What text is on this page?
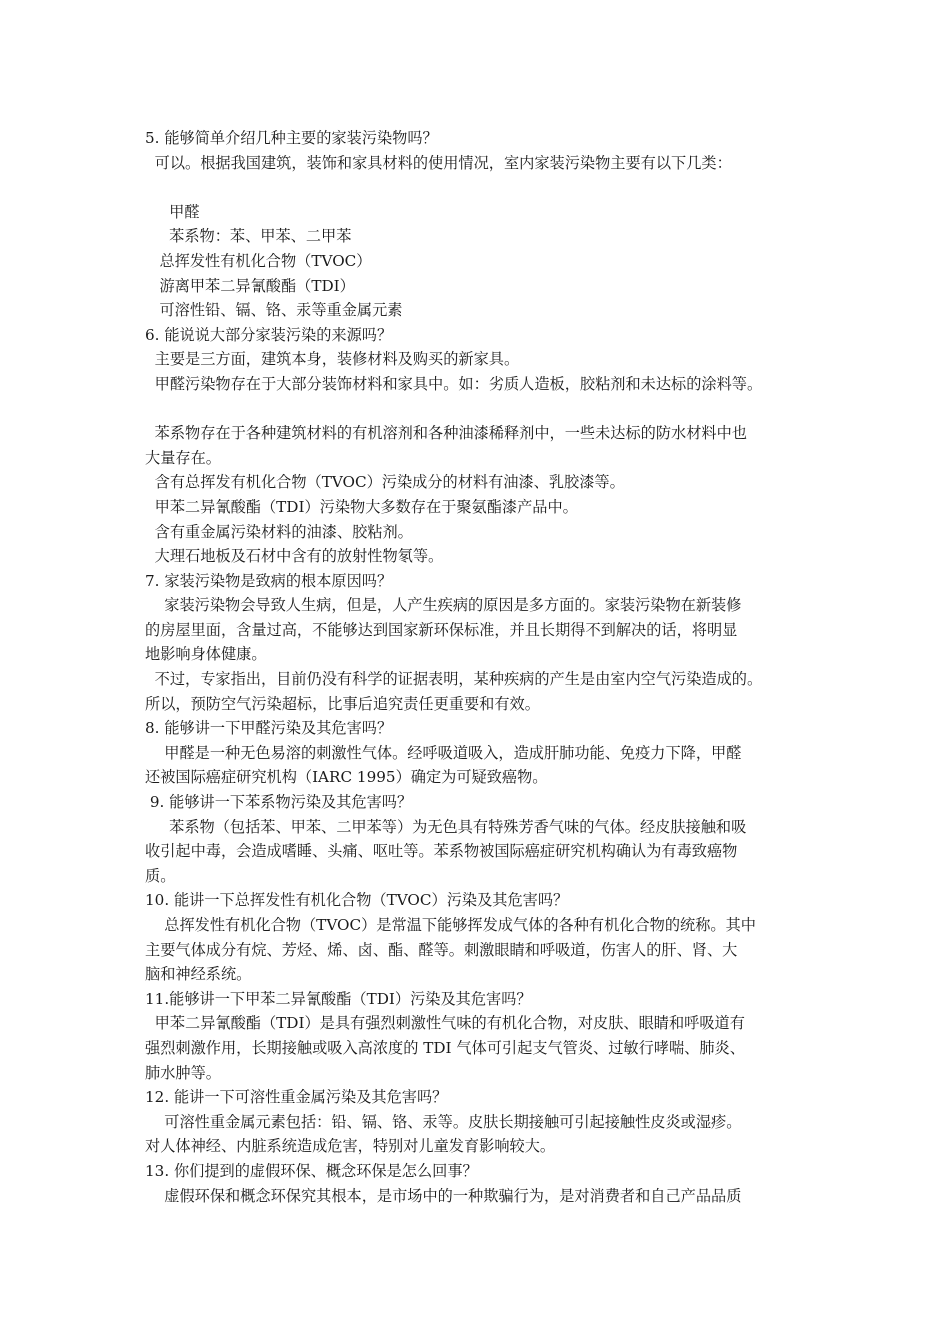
5. 能够简单介绍几种主要的家装污染物吗？
可以。根据我国建筑，装饰和家具材料的使用情况，室内家装污染物主要有以下几类：
甲醛
苯系物：苯、甲苯、二甲苯
总挥发性有机化合物（TVOC）
游离甲苯二异氰酸酯（TDI）
可溶性铅、镉、铬、汞等重金属元素
6. 能说说大部分家装污染的来源吗？
主要是三方面，建筑本身，装修材料及购买的新家具。
甲醛污染物存在于大部分装饰材料和家具中。如：劣质人造板，胶粘剂和未达标的涂料等。
苯系物存在于各种建筑材料的有机溶剂和各种油漆稀释剂中，一些未达标的防水材料中也
大量存在。
含有总挥发有机化合物（TVOC）污染成分的材料有油漆、乳胶漆等。
甲苯二异氰酸酯（TDI）污染物大多数存在于聚氨酯漆产品中。
含有重金属污染材料的油漆、胶粘剂。
大理石地板及石材中含有的放射性物氡等。
7. 家装污染物是致病的根本原因吗？
家装污染物会导致人生病，但是，人产生疾病的原因是多方面的。家装污染物在新装修
的房屋里面，含量过高，不能够达到国家新环保标准，并且长期得不到解决的话，将明显
地影响身体健康。
不过，专家指出，目前仍没有科学的证据表明，某种疾病的产生是由室内空气污染造成的。
所以，预防空气污染超标，比事后追究责任更重要和有效。
8. 能够讲一下甲醛污染及其危害吗？
甲醛是一种无色易溶的刺激性气体。经呼吸道吸入，造成肝肺功能、免疫力下降，甲醛
还被国际癌症研究机构（IARC 1995）确定为可疑致癌物。
9. 能够讲一下苯系物污染及其危害吗？
苯系物（包括苯、甲苯、二甲苯等）为无色具有特殊芳香气味的气体。经皮肤接触和吸
收引起中毒，会造成嗜睡、头痛、呕吐等。苯系物被国际癌症研究机构确认为有毒致癌物
质。
10. 能讲一下总挥发性有机化合物（TVOC）污染及其危害吗？
总挥发性有机化合物（TVOC）是常温下能够挥发成气体的各种有机化合物的统称。其中
主要气体成分有烷、芳烃、烯、卤、酯、醛等。刺激眼睛和呼吸道，伤害人的肝、肾、大
脑和神经系统。
11.能够讲一下甲苯二异氰酸酯（TDI）污染及其危害吗？
甲苯二异氰酸酯（TDI）是具有强烈刺激性气味的有机化合物，对皮肤、眼睛和呼吸道有
强烈刺激作用，长期接触或吸入高浓度的 TDI 气体可引起支气管炎、过敏行哮喘、肺炎、
肺水肿等。
12. 能讲一下可溶性重金属污染及其危害吗？
可溶性重金属元素包括：铅、镉、铬、汞等。皮肤长期接触可引起接触性皮炎或湿疹。
对人体神经、内脏系统造成危害，特别对儿童发育影响较大。
13. 你们提到的虚假环保、概念环保是怎么回事？
虚假环保和概念环保究其根本，是市场中的一种欺骗行为，是对消费者和自己产品品质
